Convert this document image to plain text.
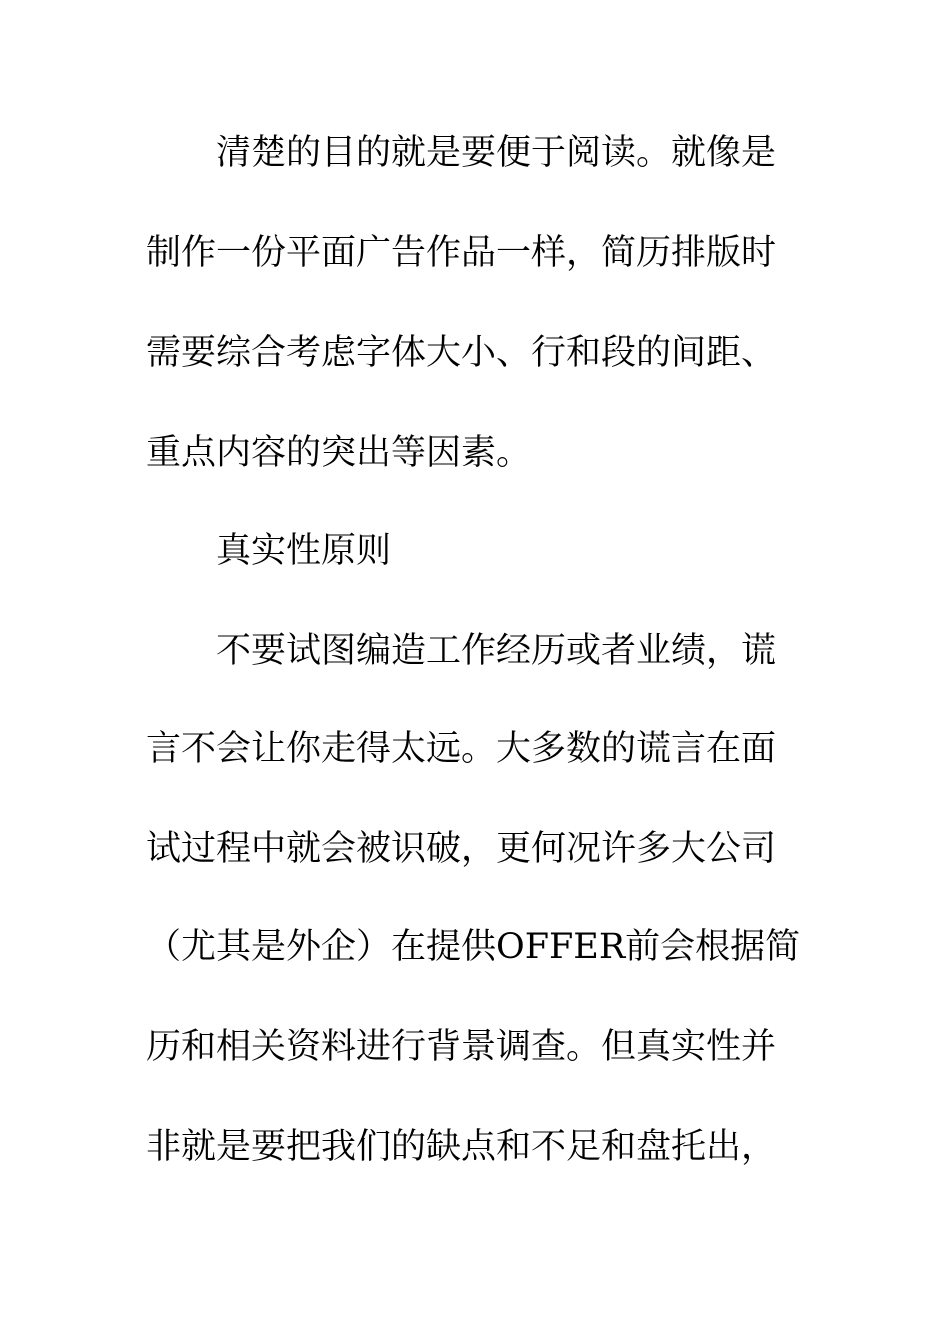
清楚的目的就是要便于阅读。就像是
制作一份平面广告作品一样，简历排版时
需要综合考虑字体大小、行和段的间距、
重点内容的突出等因素。
真实性原则
不要试图编造工作经历或者业绩，谎
言不会让你走得太远。大多数的谎言在面
试过程中就会被识破，更何况许多大公司
（尤其是外企）在提供OFFER前会根据简
历和相关资料进行背景调查。但真实性并
非就是要把我们的缺点和不足和盘托出，
